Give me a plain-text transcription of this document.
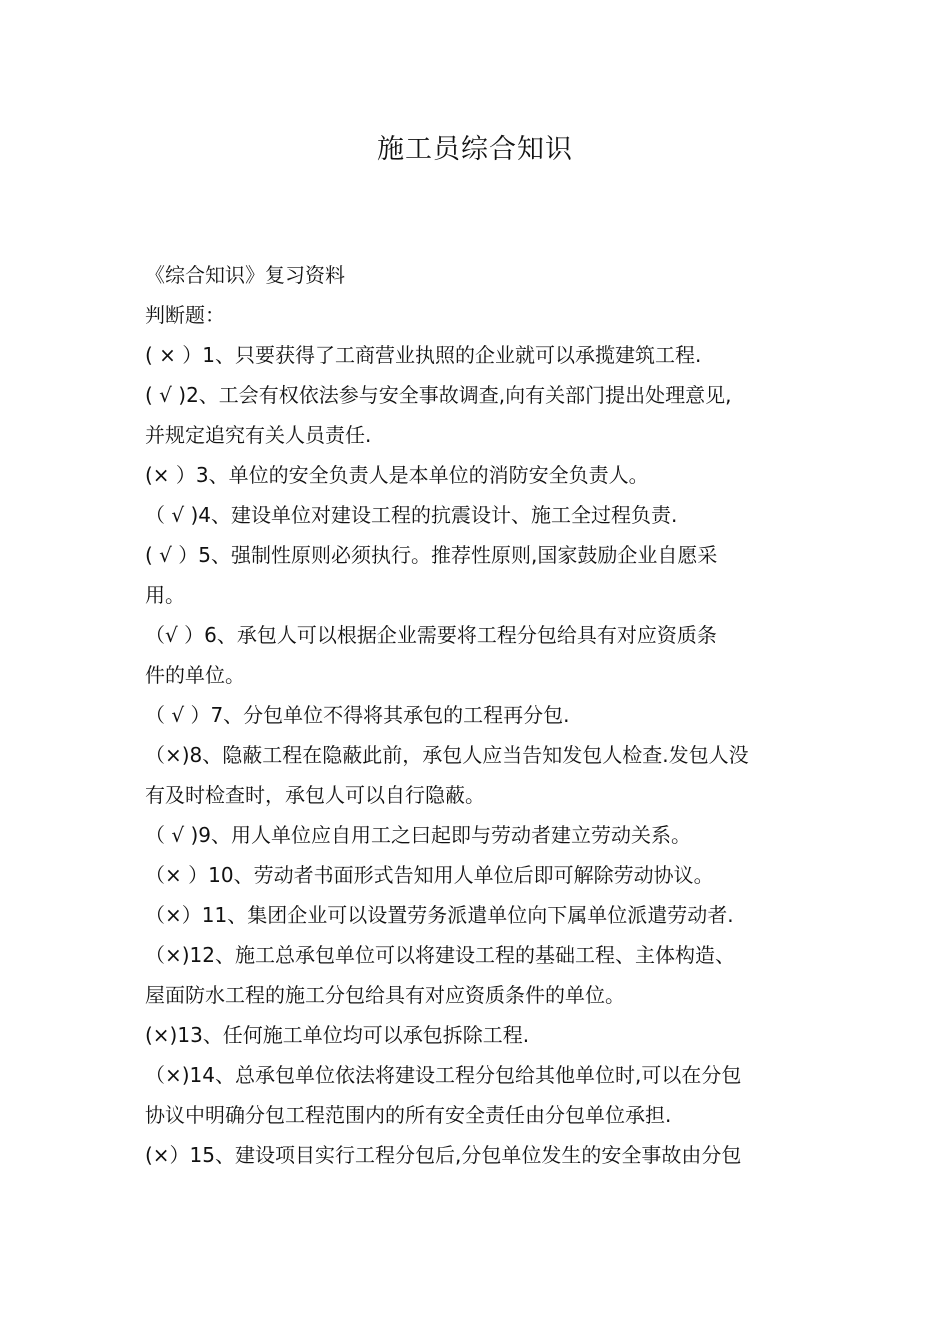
施工员综合知识
《综合知识》复习资料
判断题：
( × ）1、只要获得了工商营业执照的企业就可以承揽建筑工程.
( √ )2、工会有权依法参与安全事故调查,向有关部门提出处理意见,
并规定追究有关人员责任.
(× ）3、单位的安全负责人是本单位的消防安全负责人。
（ √ )4、建设单位对建设工程的抗震设计、施工全过程负责.
( √ ）5、强制性原则必须执行。推荐性原则,国家鼓励企业自愿采
用。
（√ ）6、承包人可以根据企业需要将工程分包给具有对应资质条
件的单位。
（ √ ）7、分包单位不得将其承包的工程再分包.
（×)8、隐蔽工程在隐蔽此前，承包人应当告知发包人检查.发包人没
有及时检查时，承包人可以自行隐蔽。
（ √ )9、用人单位应自用工之曰起即与劳动者建立劳动关系。
（× ）10、劳动者书面形式告知用人单位后即可解除劳动协议。
（×）11、集团企业可以设置劳务派遣单位向下属单位派遣劳动者.
（×)12、施工总承包单位可以将建设工程的基础工程、主体构造、
屋面防水工程的施工分包给具有对应资质条件的单位。
(×)13、任何施工单位均可以承包拆除工程.
（×)14、总承包单位依法将建设工程分包给其他单位时,可以在分包
协议中明确分包工程范围内的所有安全责任由分包单位承担.
(×）15、建设项目实行工程分包后,分包单位发生的安全事故由分包
